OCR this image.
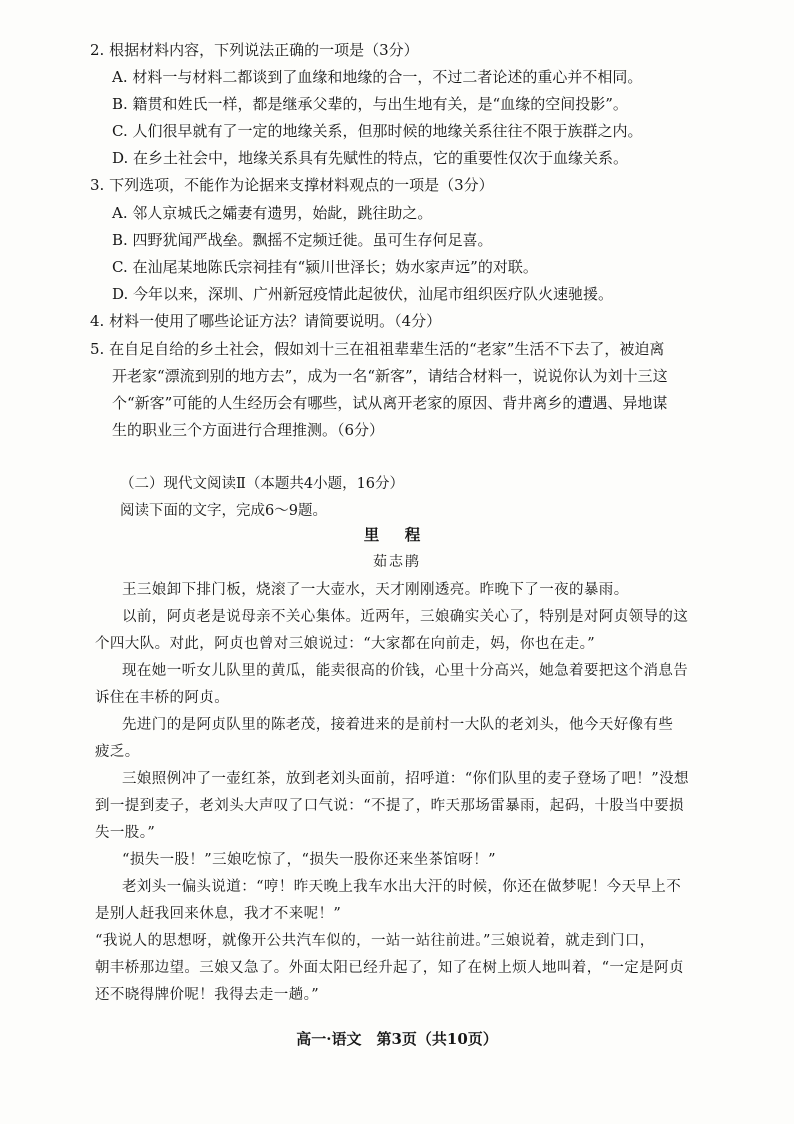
2. 根据材料内容，下列说法正确的一项是（3分）
A. 材料一与材料二都谈到了血缘和地缘的合一，不过二者论述的重心并不相同。
B. 籍贯和姓氏一样，都是继承父辈的，与出生地有关，是“血缘的空间投影”。
C. 人们很早就有了一定的地缘关系，但那时候的地缘关系往往不限于族群之内。
D. 在乡土社会中，地缘关系具有先赋性的特点，它的重要性仅次于血缘关系。
3. 下列选项，不能作为论据来支撑材料观点的一项是（3分）
A. 邻人京城氏之孀妻有遗男，始龀，跳往助之。
B. 四野犹闻严战垒。飘摇不定频迁徙。虽可生存何足喜。
C. 在汕尾某地陈氏宗祠挂有“颍川世泽长；妫水家声远”的对联。
D. 今年以来，深圳、广州新冠疫情此起彼伏，汕尾市组织医疗队火速驰援。
4. 材料一使用了哪些论证方法？请简要说明。（4分）
5. 在自足自给的乡土社会，假如刘十三在祖祖辈辈生活的“老家”生活不下去了，被迫离
开老家“漂流到别的地方去”，成为一名“新客”，请结合材料一，说说你认为刘十三这
个“新客”可能的人生经历会有哪些，试从离开老家的原因、背井离乡的遭遇、异地谋
生的职业三个方面进行合理推测。（6分）
（二）现代文阅读Ⅱ（本题共4小题，16分）
阅读下面的文字，完成6～9题。
里 程
茹志鹃
王三娘卸下排门板，烧滚了一大壶水，天才刚刚透亮。昨晚下了一夜的暴雨。
以前，阿贞老是说母亲不关心集体。近两年，三娘确实关心了，特别是对阿贞领导的这
个四大队。对此，阿贞也曾对三娘说过：“大家都在向前走，妈，你也在走。”
现在她一听女儿队里的黄瓜，能卖很高的价钱，心里十分高兴，她急着要把这个消息告
诉住在丰桥的阿贞。
先进门的是阿贞队里的陈老茂，接着进来的是前村一大队的老刘头，他今天好像有些
疲乏。
三娘照例冲了一壶红茶，放到老刘头面前，招呼道：“你们队里的麦子登场了吧！”没想
到一提到麦子，老刘头大声叹了口气说：“不提了，昨天那场雷暴雨，起码，十股当中要损
失一股。”
“损失一股！”三娘吃惊了，“损失一股你还来坐茶馆呀！”
老刘头一偏头说道：“哼！昨天晚上我车水出大汗的时候，你还在做梦呢！今天早上不
是别人赶我回来休息，我才不来呢！”
“我说人的思想呀，就像开公共汽车似的，一站一站往前进。”三娘说着，就走到门口，
朝丰桥那边望。三娘又急了。外面太阳已经升起了，知了在树上烦人地叫着，“一定是阿贞
还不晓得牌价呢！我得去走一趟。”
高一·语文　第3页（共10页）
